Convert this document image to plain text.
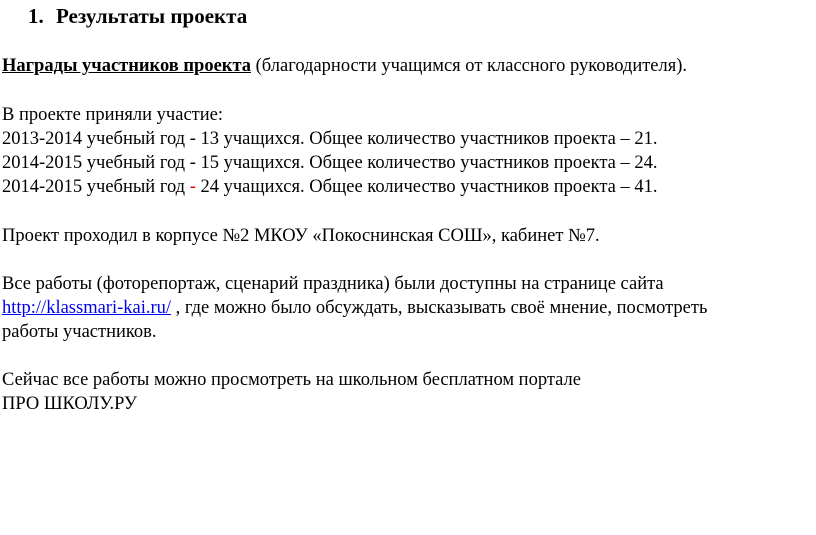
1. Результаты проекта
Награды участников проекта (благодарности учащимся от классного руководителя).
В проекте приняли участие:
2013-2014 учебный год - 13 учащихся. Общее количество участников проекта – 21.
2014-2015 учебный год - 15 учащихся. Общее количество участников проекта – 24.
2014-2015 учебный год - 24 учащихся. Общее количество участников проекта – 41.
Проект проходил в корпусе №2 МКОУ «Покоснинская СОШ», кабинет №7.
Все работы (фоторепортаж, сценарий праздника) были доступны на странице сайта
http://klassmari-kai.ru/ , где можно было обсуждать, высказывать своё мнение, посмотреть
работы участников.
Сейчас все работы можно просмотреть на школьном бесплатном портале
ПРО ШКОЛУ.РУ
